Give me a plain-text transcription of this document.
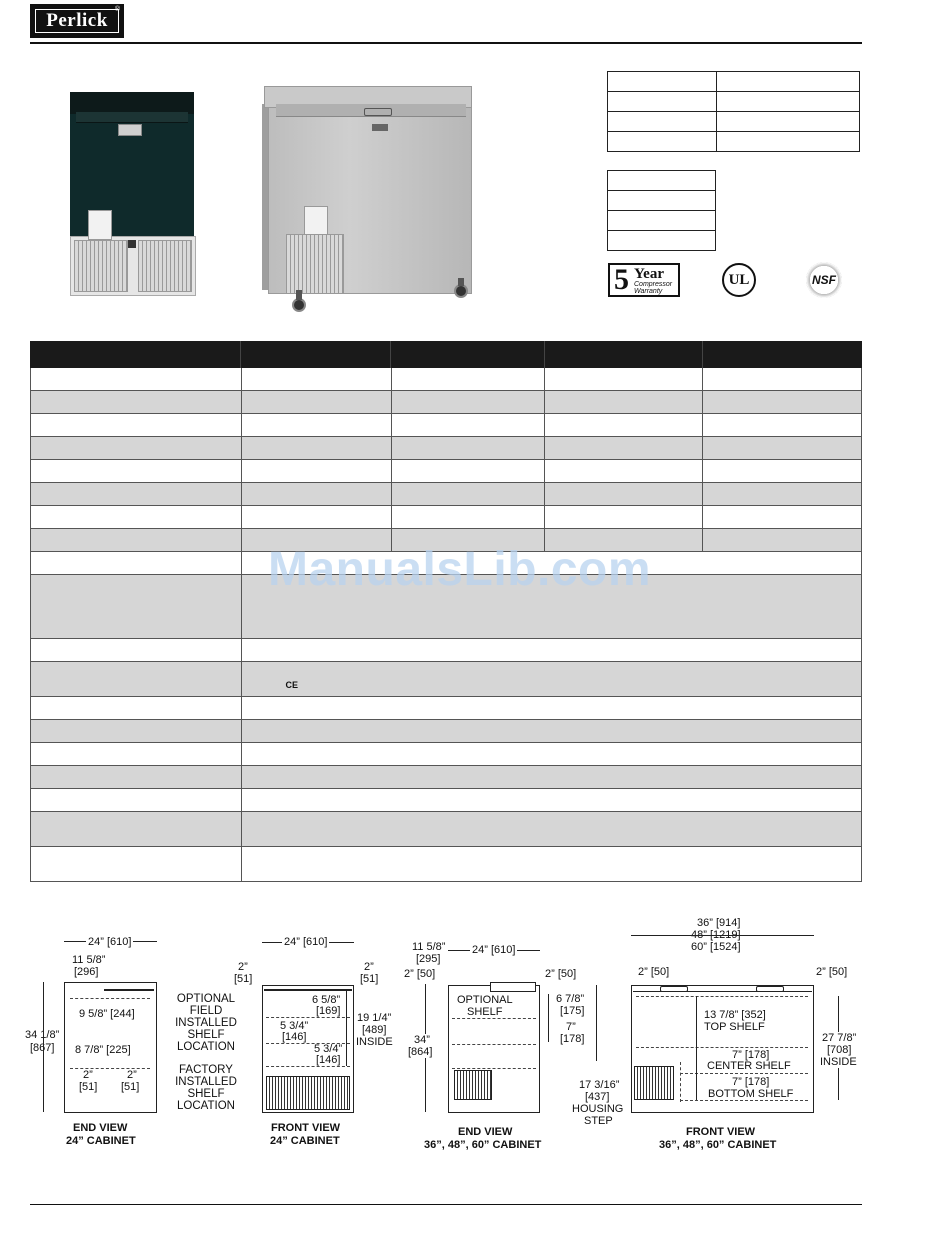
Perlick
®

5 Year
Compressor
Warranty
UL	NSF
CE
ManualsLib.com
24” [610]
11 5/8”
[296]
34 1/8”
[867]
9 5/8” [244]
8 7/8” [225]
2”
[51]
2”
[51]
END VIEW
24” CABINET
OPTIONAL
FIELD
INSTALLED
SHELF
LOCATION
FACTORY
INSTALLED
SHELF
LOCATION
24” [610]
2”
[51]
2”
[51]
6 5/8”
[169]
5 3/4”
[146]
5 3/4”
[146]
19 1/4”
[489]
INSIDE
FRONT VIEW
24” CABINET
11 5/8”
[295]
24” [610]
2” [50]	2” [50]
34”
[864]
OPTIONAL
SHELF
6 7/8”
[175]
7”
[178]
END VIEW
36”, 48”, 60” CABINET
36” [914]
48” [1219]
60” [1524]
2” [50]	2” [50]
13 7/8” [352]
TOP SHELF
7” [178]
CENTER SHELF
7” [178]
BOTTOM SHELF
17 3/16”
[437]
HOUSING
STEP
27 7/8”
[708]
INSIDE
FRONT VIEW
36”, 48”, 60” CABINET
